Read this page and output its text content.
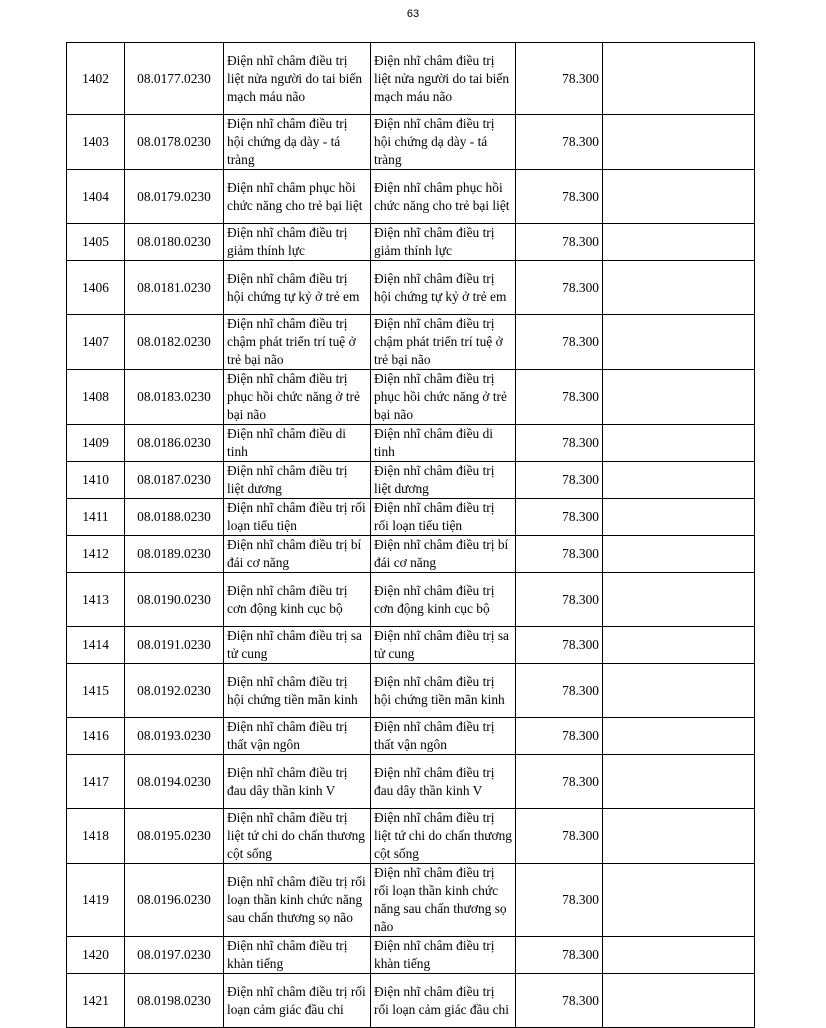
63
1402	08.0177.0230	Điện nhĩ châm điều trị liệt nửa người do tai biến mạch máu não	Điện nhĩ châm điều trị liệt nửa người do tai biến mạch máu não	78.300	
1403	08.0178.0230	Điện nhĩ châm điều trị hội chứng dạ dày - tá tràng	Điện nhĩ châm điều trị hội chứng dạ dày - tá tràng	78.300	
1404	08.0179.0230	Điện nhĩ châm phục hồi chức năng cho trẻ bại liệt	Điện nhĩ châm phục hồi chức năng cho trẻ bại liệt	78.300	
1405	08.0180.0230	Điện nhĩ châm điều trị giảm thính lực	Điện nhĩ châm điều trị giảm thính lực	78.300	
1406	08.0181.0230	Điện nhĩ châm điều trị hội chứng tự kỷ ở trẻ em	Điện nhĩ châm điều trị hội chứng tự kỷ ở trẻ em	78.300	
1407	08.0182.0230	Điện nhĩ châm điều trị chậm phát triển trí tuệ ở trẻ bại não	Điện nhĩ châm điều trị chậm phát triển trí tuệ ở trẻ bại não	78.300	
1408	08.0183.0230	Điện nhĩ châm điều trị phục hồi chức năng ở trẻ bại não	Điện nhĩ châm điều trị phục hồi chức năng ở trẻ bại não	78.300	
1409	08.0186.0230	Điện nhĩ châm điều di tinh	Điện nhĩ châm điều di tinh	78.300	
1410	08.0187.0230	Điện nhĩ châm điều trị liệt dương	Điện nhĩ châm điều trị liệt dương	78.300	
1411	08.0188.0230	Điện nhĩ châm điều trị rối loạn tiểu tiện	Điện nhĩ châm điều trị rối loạn tiểu tiện	78.300	
1412	08.0189.0230	Điện nhĩ châm điều trị bí đái cơ năng	Điện nhĩ châm điều trị bí đái cơ năng	78.300	
1413	08.0190.0230	Điện nhĩ châm điều trị cơn động kinh cục bộ	Điện nhĩ châm điều trị cơn động kinh cục bộ	78.300	
1414	08.0191.0230	Điện nhĩ châm điều trị sa tử cung	Điện nhĩ châm điều trị sa tử cung	78.300	
1415	08.0192.0230	Điện nhĩ châm điều trị hội chứng tiền mãn kinh	Điện nhĩ châm điều trị hội chứng tiền mãn kinh	78.300	
1416	08.0193.0230	Điện nhĩ châm điều trị thất vận ngôn	Điện nhĩ châm điều trị thất vận ngôn	78.300	
1417	08.0194.0230	Điện nhĩ châm điều trị đau dây thần kinh V	Điện nhĩ châm điều trị đau dây thần kinh V	78.300	
1418	08.0195.0230	Điện nhĩ châm điều trị liệt tứ chi do chấn thương cột sống	Điện nhĩ châm điều trị liệt tứ chi do chấn thương cột sống	78.300	
1419	08.0196.0230	Điện nhĩ châm điều trị rối loạn thần kinh chức năng sau chấn thương sọ não	Điện nhĩ châm điều trị rối loạn thần kinh chức năng sau chấn thương sọ não	78.300	
1420	08.0197.0230	Điện nhĩ châm điều trị khàn tiếng	Điện nhĩ châm điều trị khàn tiếng	78.300	
1421	08.0198.0230	Điện nhĩ châm điều trị rối loạn cảm giác đầu chi	Điện nhĩ châm điều trị rối loạn cảm giác đầu chi	78.300	
